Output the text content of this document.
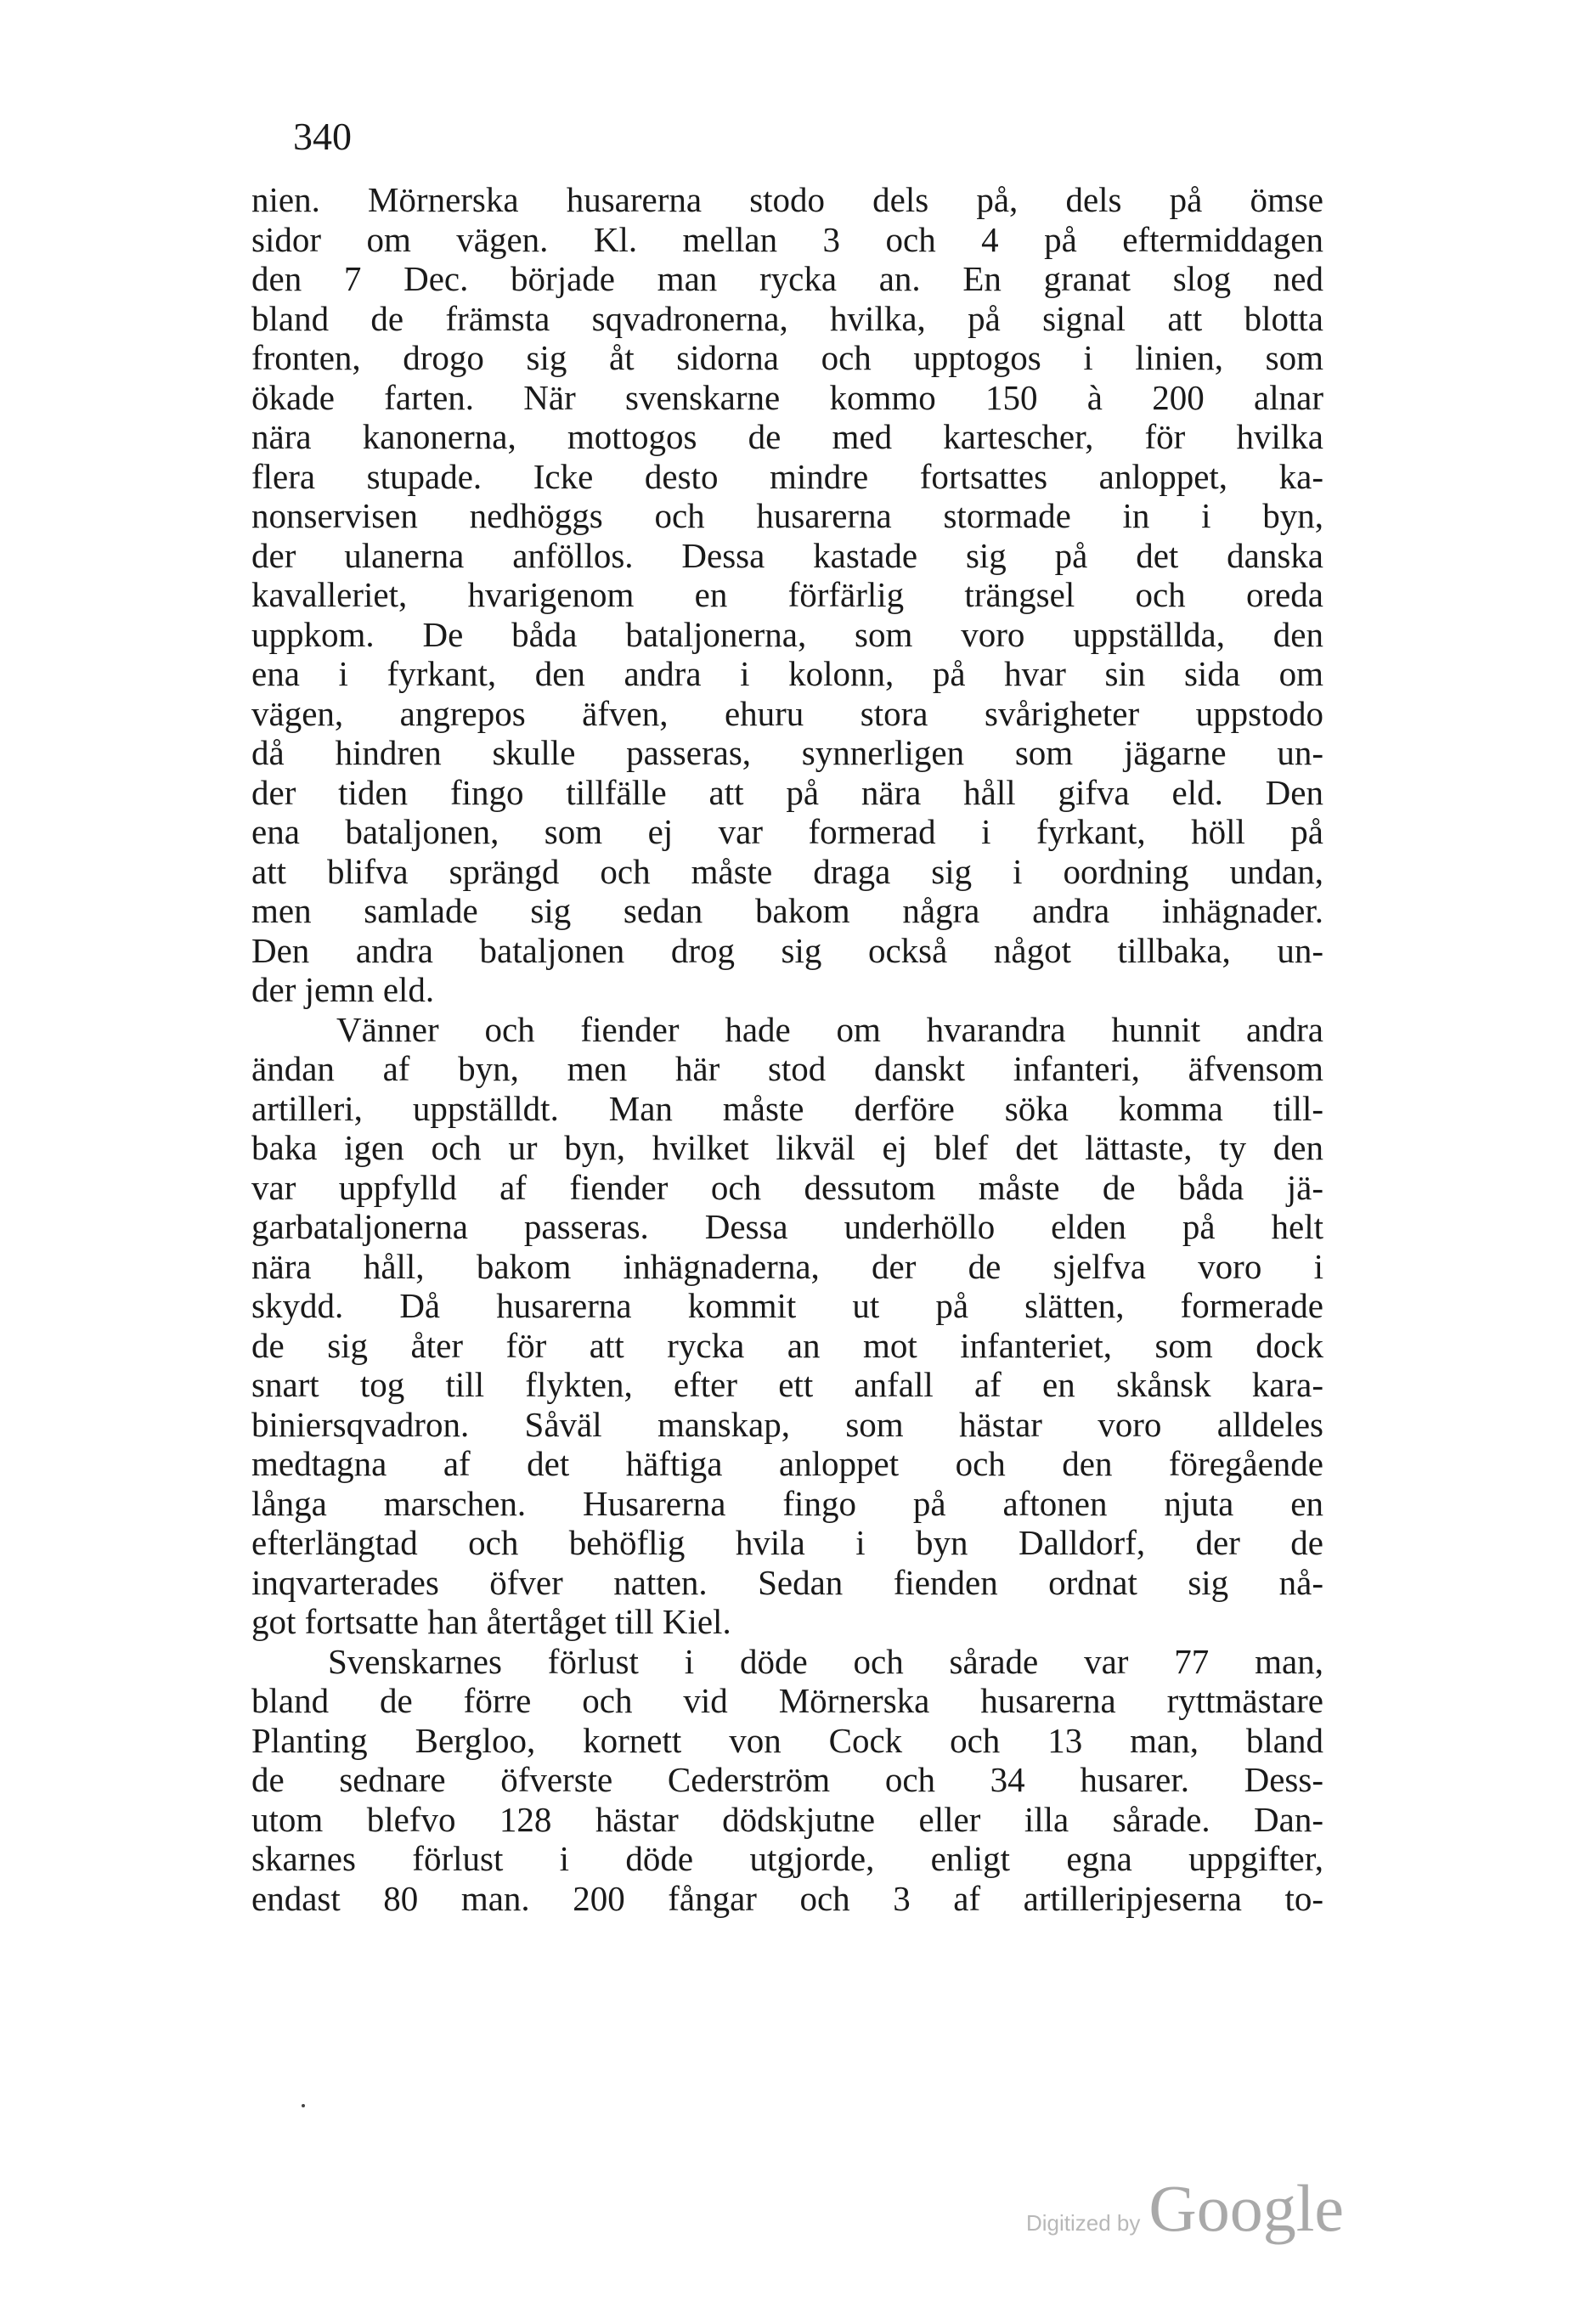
340
nien. Mörnerska husarerna stodo dels på, dels på ömse
sidor om vägen. Kl. mellan 3 och 4 på eftermiddagen
den 7 Dec. började man rycka an. En granat slog ned
bland de främsta sqvadronerna, hvilka, på signal att blotta
fronten, drogo sig åt sidorna och upptogos i linien, som
ökade farten. När svenskarne kommo 150 à 200 alnar
nära kanonerna, mottogos de med kartescher, för hvilka
flera stupade. Icke desto mindre fortsattes anloppet, ka-
nonservisen nedhöggs och husarerna stormade in i byn,
der ulanerna anföllos. Dessa kastade sig på det danska
kavalleriet, hvarigenom en förfärlig trängsel och oreda
uppkom. De båda bataljonerna, som voro uppställda, den
ena i fyrkant, den andra i kolonn, på hvar sin sida om
vägen, angrepos äfven, ehuru stora svårigheter uppstodo
då hindren skulle passeras, synnerligen som jägarne un-
der tiden fingo tillfälle att på nära håll gifva eld. Den
ena bataljonen, som ej var formerad i fyrkant, höll på
att blifva sprängd och måste draga sig i oordning undan,
men samlade sig sedan bakom några andra inhägnader.
Den andra bataljonen drog sig också något tillbaka, un-
der jemn eld.
Vänner och fiender hade om hvarandra hunnit andra
ändan af byn, men här stod danskt infanteri, äfvensom
artilleri, uppställdt. Man måste derföre söka komma till-
baka igen och ur byn, hvilket likväl ej blef det lättaste, ty den
var uppfylld af fiender och dessutom måste de båda jä-
garbataljonerna passeras. Dessa underhöllo elden på helt
nära håll, bakom inhägnaderna, der de sjelfva voro i
skydd. Då husarerna kommit ut på slätten, formerade
de sig åter för att rycka an mot infanteriet, som dock
snart tog till flykten, efter ett anfall af en skånsk kara-
biniersqvadron. Såväl manskap, som hästar voro alldeles
medtagna af det häftiga anloppet och den föregående
långa marschen. Husarerna fingo på aftonen njuta en
efterlängtad och behöflig hvila i byn Dalldorf, der de
inqvarterades öfver natten. Sedan fienden ordnat sig nå-
got fortsatte han återtåget till Kiel.
Svenskarnes förlust i döde och sårade var 77 man,
bland de förre och vid Mörnerska husarerna ryttmästare
Planting Bergloo, kornett von Cock och 13 man, bland
de sednare öfverste Cederström och 34 husarer. Dess-
utom blefvo 128 hästar dödskjutne eller illa sårade. Dan-
skarnes förlust i döde utgjorde, enligt egna uppgifter,
endast 80 man. 200 fångar och 3 af artilleripjeserna to-
Digitized by Google
